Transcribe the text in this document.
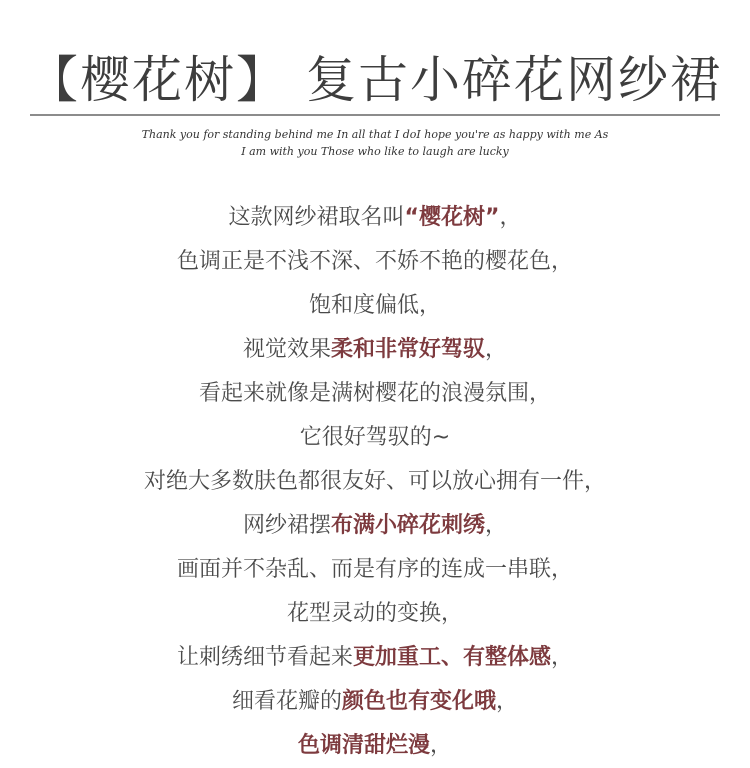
【樱花树】 复古小碎花网纱裙
Thank you for standing behind me In all that I doI hope you're as happy with me As
I am with you Those who like to laugh are lucky
这款网纱裙取名叫“樱花树”，
色调正是不浅不深、不娇不艳的樱花色，
饱和度偏低，
视觉效果柔和非常好驾驭，
看起来就像是满树樱花的浪漫氛围，
它很好驾驭的~
对绝大多数肤色都很友好、可以放心拥有一件，
网纱裙摆布满小碎花刺绣，
画面并不杂乱、而是有序的连成一串联，
花型灵动的变换，
让刺绣细节看起来更加重工、有整体感，
细看花瓣的颜色也有变化哦，
色调清甜烂漫，
